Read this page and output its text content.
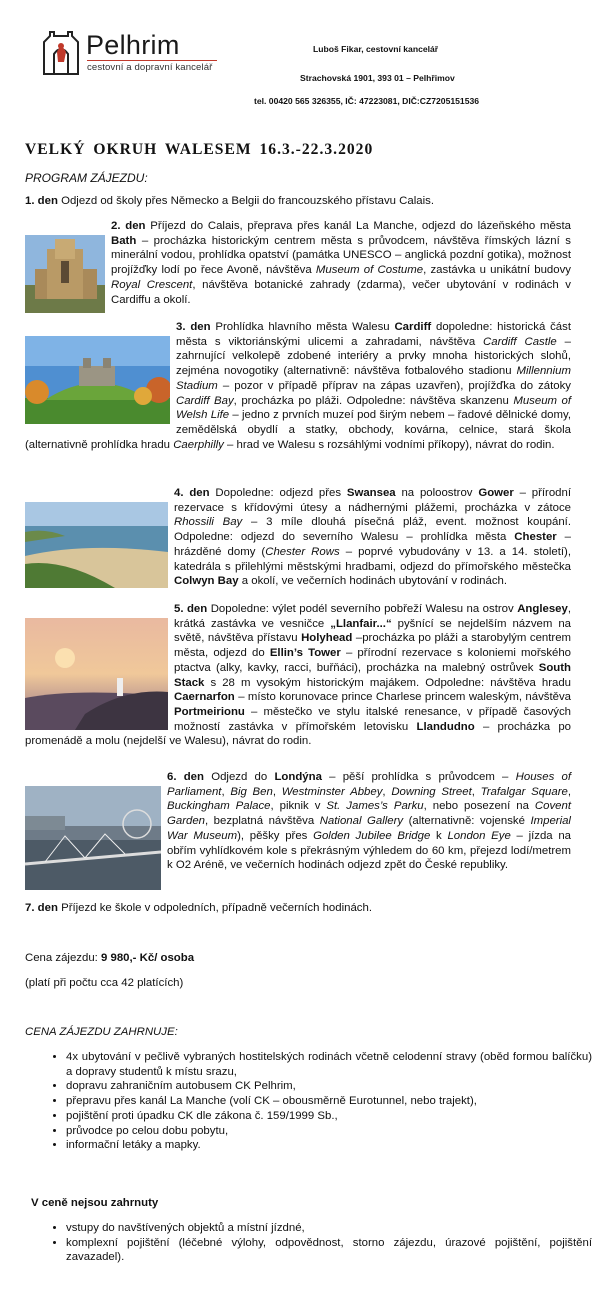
Pelhrim
cestovní a dopravní kancelář
Luboš Fikar, cestovní kancelář
Strachovská 1901, 393 01 – Pelhřimov
tel. 00420 565 326355, IČ: 47223081, DIČ:CZ7205151536
VELKÝ OKRUH WALESEM 16.3.-22.3.2020
PROGRAM ZÁJEZDU:
1. den Odjezd od školy přes Německo a Belgii do francouzského přístavu Calais.
2. den Příjezd do Calais, přeprava přes kanál La Manche, odjezd do lázeňského města Bath – procházka historickým centrem města s průvodcem, návštěva římských lázní s minerální vodou, prohlídka opatství (památka UNESCO – anglická pozdní gotika), možnost projížďky lodí po řece Avoně, návštěva Museum of Costume, zastávka u unikátní budovy Royal Crescent, návštěva botanické zahrady (zdarma), večer ubytování v rodinách v Cardiffu a okolí.
3. den Prohlídka hlavního města Walesu Cardiff dopoledne: historická část města s viktoriánskými ulicemi a zahradami, návštěva Cardiff Castle – zahrnující velkolepě zdobené interiéry a prvky mnoha historických slohů, zejména novogotiky (alternativně: návštěva fotbalového stadionu Millennium Stadium – pozor v případě příprav na zápas uzavřen), projížďka do zátoky Cardiff Bay, procházka po pláži. Odpoledne: návštěva skanzenu Museum of Welsh Life – jedno z prvních muzeí pod širým nebem – řadové dělnické domy, zemědělská obydlí a statky, obchody, kovárna, celnice, stará škola (alternativně prohlídka hradu Caerphilly – hrad ve Walesu s rozsáhlými vodními příkopy), návrat do rodin.
4. den Dopoledne: odjezd přes Swansea na poloostrov Gower – přírodní rezervace s křídovými útesy a nádhernými plážemi, procházka v zátoce Rhossili Bay – 3 míle dlouhá písečná pláž, event. možnost koupání. Odpoledne: odjezd do severního Walesu – prohlídka města Chester – hrázděné domy (Chester Rows – poprvé vybudovány v 13. a 14. století), katedrála s přilehlými městskými hradbami, odjezd do přímořského městečka Colwyn Bay a okolí, ve večerních hodinách ubytování v rodinách.
5. den Dopoledne: výlet podél severního pobřeží Walesu na ostrov Anglesey, krátká zastávka ve vesničce „Llanfair...“ pyšnící se nejdelším názvem na světě, návštěva přístavu Holyhead –procházka po pláži a starobylým centrem města, odjezd do Ellin’s Tower – přírodní rezervace s koloniemi mořského ptactva (alky, kavky, racci, buřňáci), procházka na malebný ostrůvek South Stack s 28 m vysokým historickým majákem. Odpoledne: návštěva hradu Caernarfon – místo korunovace prince Charlese princem waleským, návštěva Portmeirionu – městečko ve stylu italské renesance, v případě časových možností zastávka v přímořském letovisku Llandudno – procházka po promenádě a molu (nejdelší ve Walesu), návrat do rodin.
6. den Odjezd do Londýna – pěší prohlídka s průvodcem – Houses of Parliament, Big Ben, Westminster Abbey, Downing Street, Trafalgar Square, Buckingham Palace, piknik v St. James’s Parku, nebo posezení na Covent Garden, bezplatná návštěva National Gallery (alternativně: vojenské Imperial War Museum), pěšky přes Golden Jubilee Bridge k London Eye – jízda na obřím vyhlídkovém kole s překrásným výhledem do 60 km, přejezd lodí/metrem k O2 Aréně, ve večerních hodinách odjezd zpět do České republiky.
7. den Příjezd ke škole v odpoledních, případně večerních hodinách.
Cena zájezdu: 9 980,- Kč/ osoba
(platí při počtu cca 42 platících)
CENA ZÁJEZDU ZAHRNUJE:
• 4x ubytování v pečlivě vybraných hostitelských rodinách včetně celodenní stravy (oběd formou balíčku) a dopravy studentů k místu srazu,
• dopravu zahraničním autobusem CK Pelhrim,
• přepravu přes kanál La Manche (volí CK – obousměrně Eurotunnel, nebo trajekt),
• pojištění proti úpadku CK dle zákona č. 159/1999 Sb.,
• průvodce po celou dobu pobytu,
• informační letáky a mapky.
V ceně nejsou zahrnuty
• vstupy do navštívených objektů a místní jízdné,
• komplexní pojištění (léčebné výlohy, odpovědnost, storno zájezdu, úrazové pojištění, pojištění zavazadel).
